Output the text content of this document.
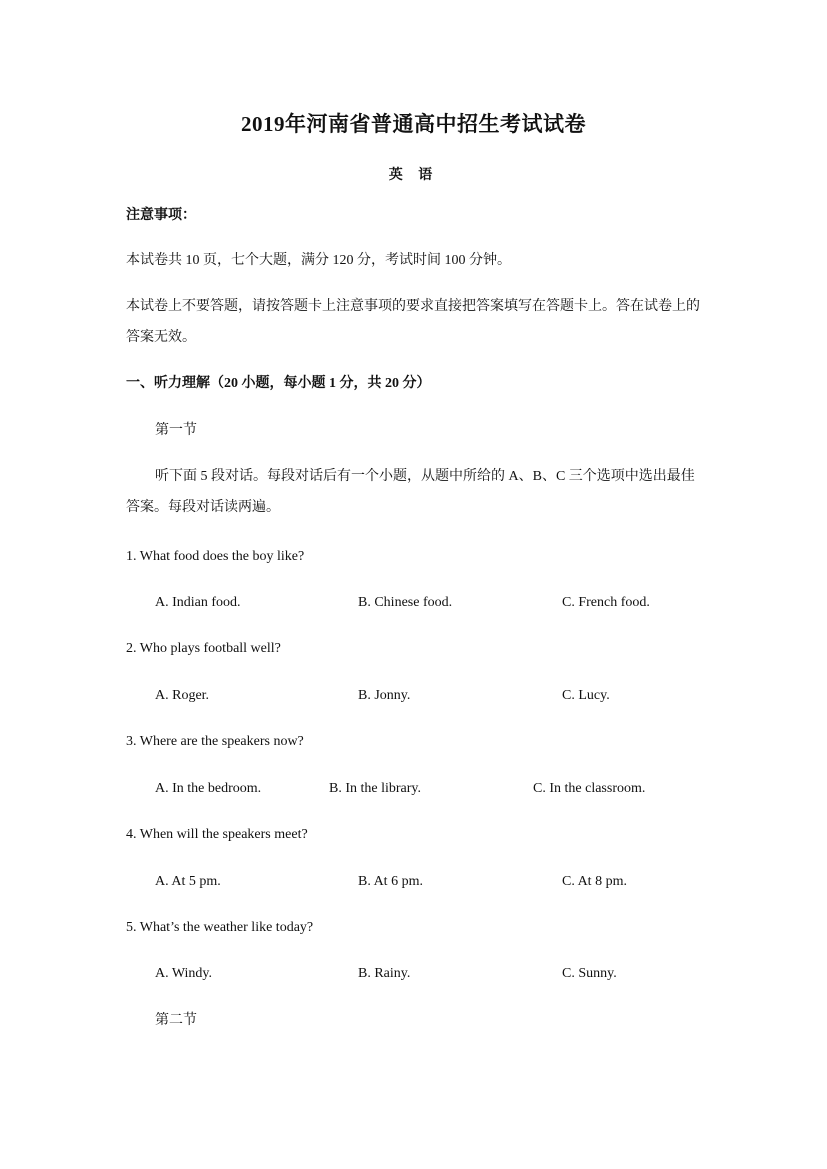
2019年河南省普通高中招生考试试卷
英 语
注意事项：
本试卷共 10 页，七个大题，满分 120 分，考试时间 100 分钟。
本试卷上不要答题，请按答题卡上注意事项的要求直接把答案填写在答题卡上。答在试卷上的答案无效。
一、听力理解（20 小题，每小题 1 分，共 20 分）
第一节
听下面 5 段对话。每段对话后有一个小题，从题中所给的 A、B、C 三个选项中选出最佳答案。每段对话读两遍。
1. What food does the boy like?
A. Indian food.	B. Chinese food.	C. French food.
2. Who plays football well?
A. Roger.	B. Jonny.	C. Lucy.
3. Where are the speakers now?
A. In the bedroom.	B. In the library.	C. In the classroom.
4. When will the speakers meet?
A. At 5 pm.	B. At 6 pm.	C. At 8 pm.
5. What’s the weather like today?
A. Windy.	B. Rainy.	C. Sunny.
第二节
